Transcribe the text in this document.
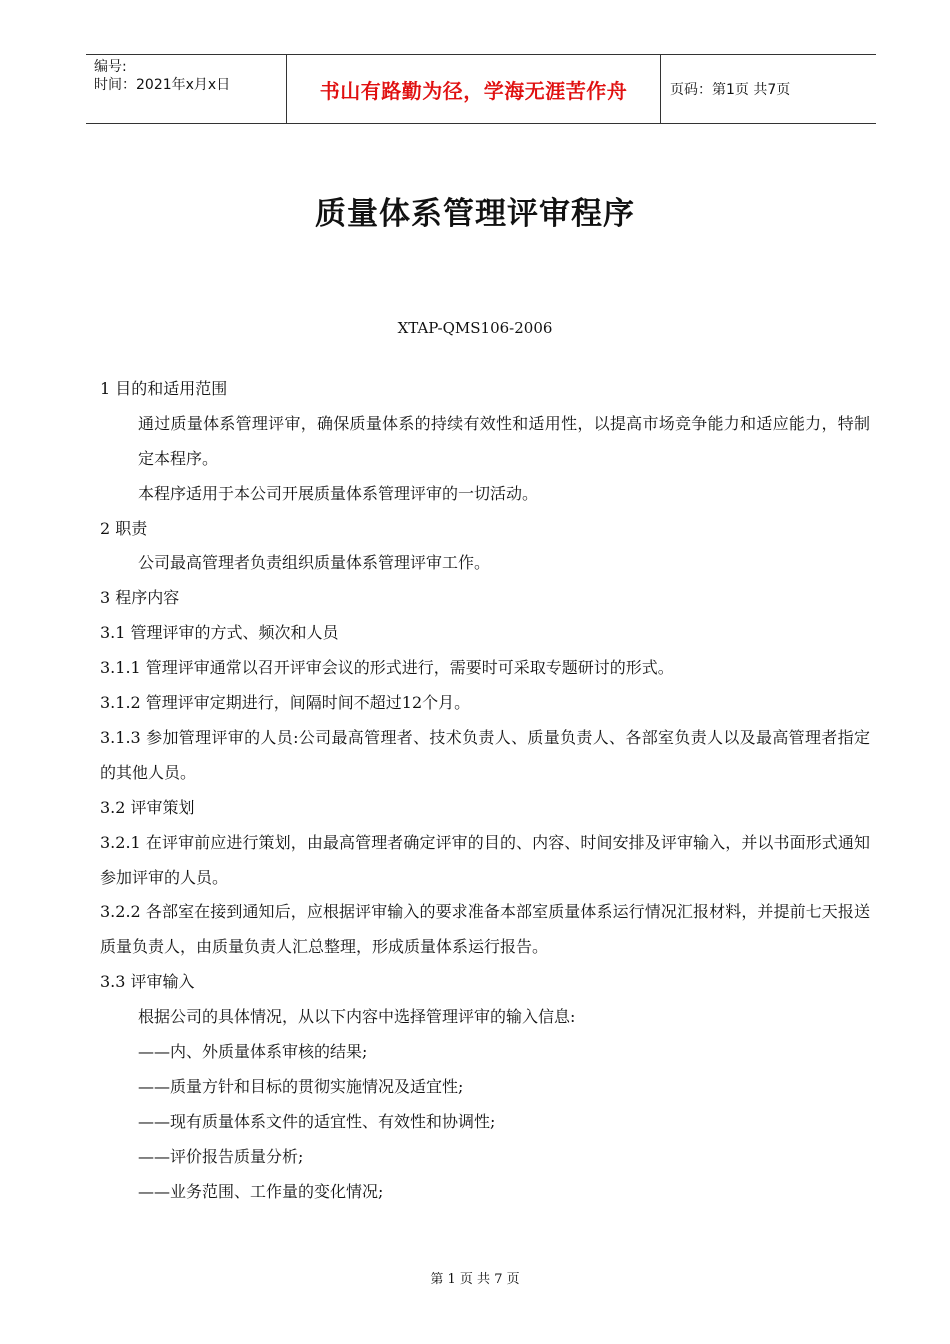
编号:
时间：2021年x月x日	书山有路勤为径，学海无涯苦作舟	页码：第1页 共7页
质量体系管理评审程序
XTAP-QMS106-2006
1 目的和适用范围
通过质量体系管理评审，确保质量体系的持续有效性和适用性，以提高市场竞争能力和适应能力，特制定本程序。
本程序适用于本公司开展质量体系管理评审的一切活动。
2 职责
公司最高管理者负责组织质量体系管理评审工作。
3 程序内容
3.1 管理评审的方式、频次和人员
3.1.1 管理评审通常以召开评审会议的形式进行，需要时可采取专题研讨的形式。
3.1.2 管理评审定期进行，间隔时间不超过12个月。
3.1.3 参加管理评审的人员:公司最高管理者、技术负责人、质量负责人、各部室负责人以及最高管理者指定的其他人员。
3.2 评审策划
3.2.1 在评审前应进行策划，由最高管理者确定评审的目的、内容、时间安排及评审输入，并以书面形式通知参加评审的人员。
3.2.2 各部室在接到通知后，应根据评审输入的要求准备本部室质量体系运行情况汇报材料，并提前七天报送质量负责人，由质量负责人汇总整理，形成质量体系运行报告。
3.3 评审输入
根据公司的具体情况，从以下内容中选择管理评审的输入信息:
——内、外质量体系审核的结果;
——质量方针和目标的贯彻实施情况及适宜性;
——现有质量体系文件的适宜性、有效性和协调性;
——评价报告质量分析;
——业务范围、工作量的变化情况;
第 1 页 共 7 页
